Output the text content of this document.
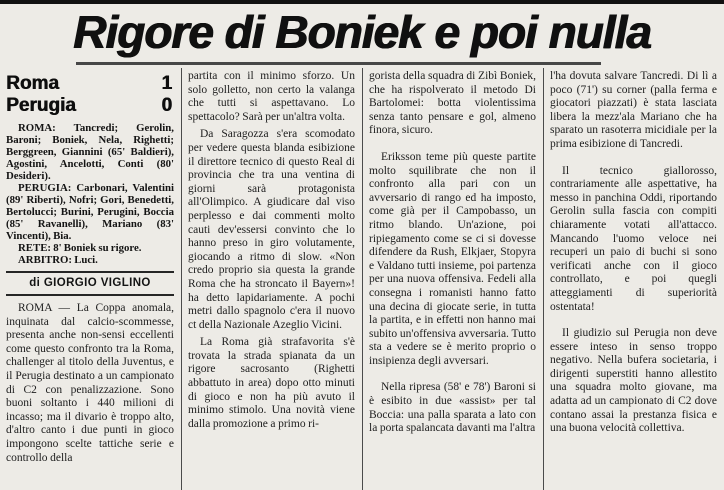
Rigore di Boniek e poi nulla
Roma	1
Perugia	0

ROMA: Tancredi; Gerolin, Baroni; Boniek, Nela, Righetti; Berggreen, Giannini (65' Baldieri), Agostini, Ancelotti, Conti (80' Desideri).

PERUGIA: Carbonari, Valentini (89' Riberti), Nofri; Gori, Benedetti, Bertolucci; Burini, Perugini, Boccia (85' Ravanelli), Mariano (83' Vincenti), Bia.

RETE: 8' Boniek su rigore.

ARBITRO: Luci.

di GIORGIO VIGLINO

ROMA — La Coppa anomala, inquinata dal calcio-scommesse, presenta anche non-sensi eccellenti come questo confronto tra la Roma, challenger al titolo della Juventus, e il Perugia destinato a un campionato di C2 con penalizzazione. Sono buoni soltanto i 440 milioni di incasso; ma il divario è troppo alto, d'altro canto i due punti in gioco impongono scelte tattiche serie e controllo della

partita con il minimo sforzo. Un solo golletto, non certo la valanga che tutti si aspettavano. Lo spettacolo? Sarà per un'altra volta.

Da Saragozza s'era scomodato per vedere questa blanda esibizione il direttore tecnico di questo Real di provincia che tra una ventina di giorni sarà protagonista all'Olimpico. A giudicare dal viso perplesso e dai commenti molto cauti dev'essersi convinto che lo hanno preso in giro volutamente, giocando a ritmo di slow. «Non credo proprio sia questa la grande Roma che ha stroncato il Bayern»! ha detto lapidariamente. A pochi metri dallo spagnolo c'era il nuovo ct della Nazionale Azeglio Vicini.

La Roma già strafavorita s'è trovata la strada spianata da un rigore sacrosanto (Righetti abbattuto in area) dopo otto minuti di gioco e non ha più avuto il minimo stimolo. Una novità viene dalla promozione a primo ri-

gorista della squadra di Zibì Boniek, che ha rispolverato il metodo Di Bartolomei: botta violentissima senza tanto pensare e gol, almeno finora, sicuro.

Eriksson teme più queste partite molto squilibrate che non il confronto alla pari con un avversario di rango ed ha imposto, come già per il Campobasso, un ritmo blando. Un'azione, poi ripiegamento come se ci si dovesse difendere da Rush, Elkjaer, Stopyra e Valdano tutti insieme, poi partenza per una nuova offensiva. Fedeli alla consegna i romanisti hanno fatto una decina di giocate serie, in tutta la partita, e in effetti non hanno mai subito un'offensiva avversaria. Tutto sta a vedere se è merito proprio o insipienza degli avversari.

Nella ripresa (58' e 78') Baroni si è esibito in due «assist» per tal Boccia: una palla sparata a lato con la porta spalancata davanti ma l'altra

l'ha dovuta salvare Tancredi. Di lì a poco (71') su corner (palla ferma e giocatori piazzati) è stata lasciata libera la mezz'ala Mariano che ha sparato un rasoterra micidiale per la prima esibizione di Tancredi.

Il tecnico giallorosso, contrariamente alle aspettative, ha messo in panchina Oddi, riportando Gerolin sulla fascia con compiti chiaramente votati all'attacco. Mancando l'uomo veloce nei recuperi un paio di buchi si sono verificati anche con il gioco controllato, e poi quegli atteggiamenti di superiorità ostentata!

Il giudizio sul Perugia non deve essere inteso in senso troppo negativo. Nella bufera societaria, i dirigenti superstiti hanno allestito una squadra molto giovane, ma adatta ad un campionato di C2 dove contano assai la prestanza fisica e una buona velocità collettiva.
